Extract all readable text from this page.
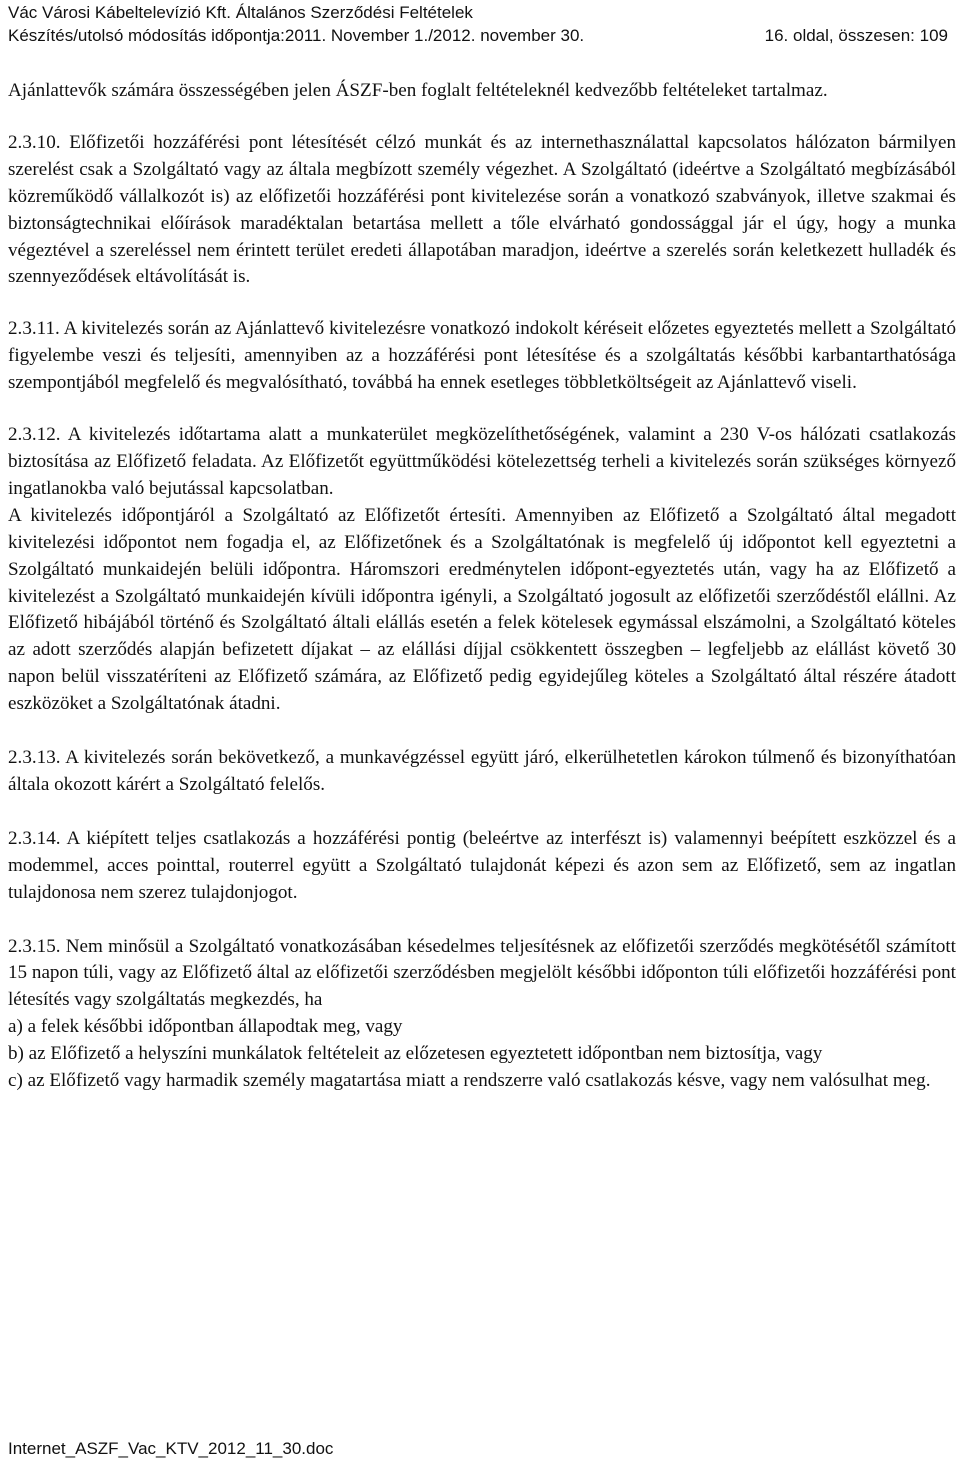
Vác Városi Kábeltelevízió Kft. Általános Szerződési Feltételek
Készítés/utolsó módosítás időpontja:2011. November 1./2012. november 30.	16. oldal, összesen: 109

Ajánlattevők számára összességében jelen ÁSZF-ben foglalt feltételeknél kedvezőbb feltételeket tartalmaz.

2.3.10. Előfizetői hozzáférési pont létesítését célzó munkát és az internethasználattal kapcsolatos hálózaton bármilyen szerelést csak a Szolgáltató vagy az általa megbízott személy végezhet. A Szolgáltató (ideértve a Szolgáltató megbízásából közreműködő vállalkozót is) az előfizetői hozzáférési pont kivitelezése során a vonatkozó szabványok, illetve szakmai és biztonságtechnikai előírások maradéktalan betartása mellett a tőle elvárható gondossággal jár el úgy, hogy a munka végeztével a szereléssel nem érintett terület eredeti állapotában maradjon, ideértve a szerelés során keletkezett hulladék és szennyeződések eltávolítását is.

2.3.11. A kivitelezés során az Ajánlattevő kivitelezésre vonatkozó indokolt kéréseit előzetes egyeztetés mellett a Szolgáltató figyelembe veszi és teljesíti, amennyiben az a hozzáférési pont létesítése és a szolgáltatás későbbi karbantarthatósága szempontjából megfelelő és megvalósítható, továbbá ha ennek esetleges többletköltségeit az Ajánlattevő viseli.

2.3.12. A kivitelezés időtartama alatt a munkaterület megközelíthetőségének, valamint a 230 V-os hálózati csatlakozás biztosítása az Előfizető feladata. Az Előfizetőt együttműködési kötelezettség terheli a kivitelezés során szükséges környező ingatlanokba való bejutással kapcsolatban.

A kivitelezés időpontjáról a Szolgáltató az Előfizetőt értesíti. Amennyiben az Előfizető a Szolgáltató által megadott kivitelezési időpontot nem fogadja el, az Előfizetőnek és a Szolgáltatónak is megfelelő új időpontot kell egyeztetni a Szolgáltató munkaidején belüli időpontra. Háromszori eredménytelen időpont-egyeztetés után, vagy ha az Előfizető a kivitelezést a Szolgáltató munkaidején kívüli időpontra igényli, a Szolgáltató jogosult az előfizetői szerződéstől elállni. Az Előfizető hibájából történő és Szolgáltató általi elállás esetén a felek kötelesek egymással elszámolni, a Szolgáltató köteles az adott szerződés alapján befizetett díjakat – az elállási díjjal csökkentett összegben – legfeljebb az elállást követő 30 napon belül visszatéríteni az Előfizető számára, az Előfizető pedig egyidejűleg köteles a Szolgáltató által részére átadott eszközöket a Szolgáltatónak átadni.

2.3.13. A kivitelezés során bekövetkező, a munkavégzéssel együtt járó, elkerülhetetlen károkon túlmenő és bizonyíthatóan általa okozott kárért a Szolgáltató felelős.

2.3.14. A kiépített teljes csatlakozás a hozzáférési pontig (beleértve az interfészt is) valamennyi beépített eszközzel és a modemmel, acces pointtal, routerrel együtt a Szolgáltató tulajdonát képezi és azon sem az Előfizető, sem az ingatlan tulajdonosa nem szerez tulajdonjogot.

2.3.15. Nem minősül a Szolgáltató vonatkozásában késedelmes teljesítésnek az előfizetői szerződés megkötésétől számított 15 napon túli, vagy az Előfizető által az előfizetői szerződésben megjelölt későbbi időponton túli előfizetői hozzáférési pont létesítés vagy szolgáltatás megkezdés, ha

a) a felek későbbi időpontban állapodtak meg, vagy

b) az Előfizető a helyszíni munkálatok feltételeit az előzetesen egyeztetett időpontban nem biztosítja, vagy

c) az Előfizető vagy harmadik személy magatartása miatt a rendszerre való csatlakozás késve, vagy nem valósulhat meg.

Internet_ASZF_Vac_KTV_2012_11_30.doc
